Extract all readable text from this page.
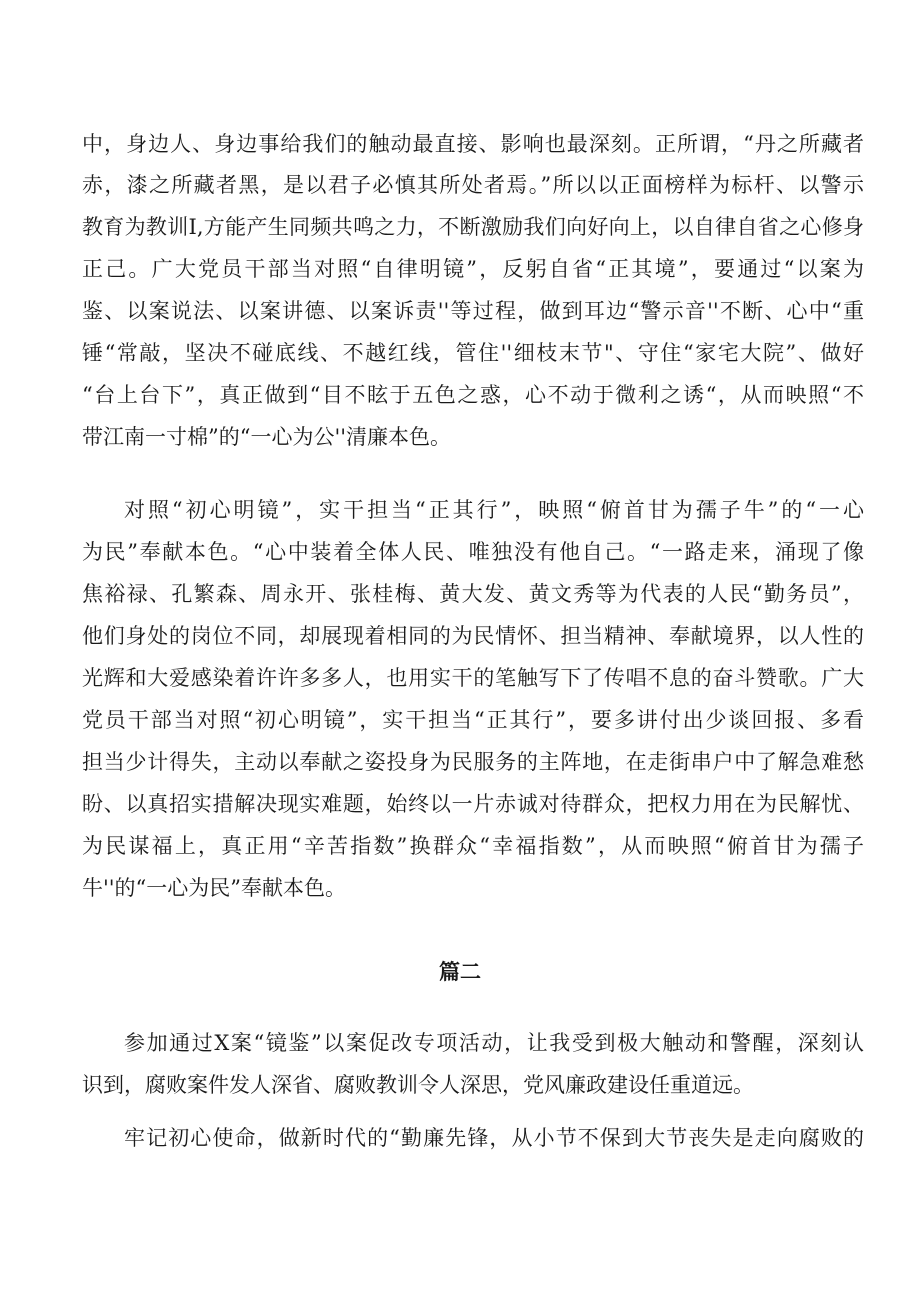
中，身边人、身边事给我们的触动最直接、影响也最深刻。正所谓，“丹之所藏者
赤，漆之所藏者黑，是以君子必慎其所处者焉。”所以以正面榜样为标杆、以警示
教育为教训I,方能产生同频共鸣之力，不断激励我们向好向上，以自律自省之心修身
正己。广大党员干部当对照“自律明镜”，反躬自省“正其境”，要通过“以案为
鉴、以案说法、以案讲德、以案诉责''等过程，做到耳边“警示音''不断、心中“重
锤“常敲，坚决不碰底线、不越红线，管住''细枝末节"、守住“家宅大院”、做好
“台上台下”，真正做到“目不眩于五色之惑，心不动于微利之诱“，从而映照“不
带江南一寸棉”的“一心为公''清廉本色。
对照“初心明镜”，实干担当“正其行”，映照“俯首甘为孺子牛”的“一心
为民”奉献本色。“心中装着全体人民、唯独没有他自己。“一路走来，涌现了像
焦裕禄、孔繁森、周永开、张桂梅、黄大发、黄文秀等为代表的人民“勤务员”，
他们身处的岗位不同，却展现着相同的为民情怀、担当精神、奉献境界，以人性的
光辉和大爱感染着许许多多人，也用实干的笔触写下了传唱不息的奋斗赞歌。广大
党员干部当对照“初心明镜”，实干担当“正其行”，要多讲付出少谈回报、多看
担当少计得失，主动以奉献之姿投身为民服务的主阵地，在走街串户中了解急难愁
盼、以真招实措解决现实难题，始终以一片赤诚对待群众，把权力用在为民解忧、
为民谋福上，真正用“辛苦指数”换群众“幸福指数”，从而映照“俯首甘为孺子
牛''的“一心为民”奉献本色。
篇二
参加通过X案“镜鉴”以案促改专项活动，让我受到极大触动和警醒，深刻认
识到，腐败案件发人深省、腐败教训令人深思，党风廉政建设任重道远。
牢记初心使命，做新时代的“勤廉先锋，从小节不保到大节丧失是走向腐败的
